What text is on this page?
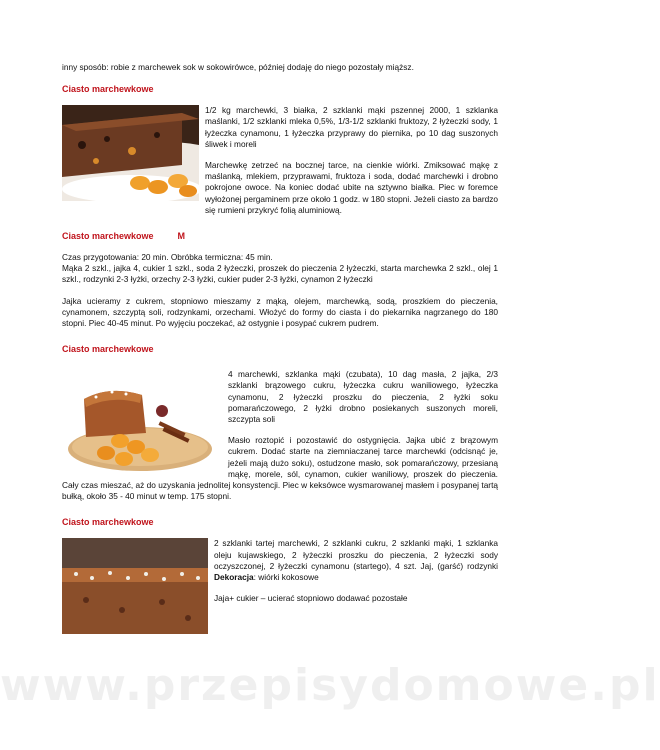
inny sposób: robie z marchewek sok w sokowirówce, później dodaję do niego pozostały miąższ.

Ciasto marchewkowe

1/2 kg marchewki, 3 białka, 2 szklanki mąki pszennej 2000, 1 szklanka maślanki, 1/2 szklanki mleka 0,5%, 1/3-1/2 szklanki fruktozy, 2 łyżeczki sody, 1 łyżeczka cynamonu, 1 łyżeczka przyprawy do piernika, po 10 dag suszonych śliwek i moreli

Marchewkę zetrzeć na bocznej tarce, na cienkie wiórki. Zmiksować mąkę z maślanką, mlekiem, przyprawami, fruktoza i soda, dodać marchewki i drobno pokrojone owoce. Na koniec dodać ubite na sztywno białka. Piec w foremce wyłożonej pergaminem prze około 1 godz. w 180 stopni. Jeżeli ciasto za bardzo się rumieni przykryć folią aluminiową.

Ciasto marchewkowe	M

Czas przygotowania: 20 min. Obróbka termiczna: 45 min.

Mąka 2 szkl., jajka 4, cukier 1 szkl., soda 2 łyżeczki, proszek do pieczenia 2 łyżeczki, starta marchewka 2 szkl., olej 1 szkl., rodzynki 2-3 łyżki, orzechy 2-3 łyżki, cukier puder 2-3 łyżki, cynamon 2 łyżeczki

Jajka ucieramy z cukrem, stopniowo mieszamy z mąką, olejem, marchewką, sodą, proszkiem do pieczenia, cynamonem, szczyptą soli, rodzynkami, orzechami. Włożyć do formy do ciasta i do piekarnika nagrzanego do 180 stopni. Piec 40-45 minut. Po wyjęciu poczekać, aż ostygnie i posypać cukrem pudrem.

Ciasto marchewkowe

4 marchewki, szklanka mąki (czubata), 10 dag masła, 2 jajka, 2/3 szklanki brązowego cukru, łyżeczka cukru waniliowego, łyżeczka cynamonu, 2 łyżeczki proszku do pieczenia, 2 łyżki soku pomarańczowego, 2 łyżki drobno posiekanych suszonych moreli, szczypta soli

Masło roztopić i pozostawić do ostygnięcia. Jajka ubić z brązowym cukrem. Dodać starte na ziemniaczanej tarce marchewki (odcisnąć je, jeżeli mają dużo soku), ostudzone masło, sok pomarańczowy, przesianą mąkę, morele, sól, cynamon, cukier waniliowy, proszek do pieczenia. Cały czas mieszać, aż do uzyskania jednolitej konsystencji. Piec w keksówce wysmarowanej masłem i posypanej tartą bułką, około 35 - 40 minut w temp. 175 stopni.

Ciasto marchewkowe

2 szklanki tartej marchewki, 2 szklanki cukru, 2 szklanki mąki, 1 szklanka oleju kujawskiego, 2 łyżeczki proszku do pieczenia, 2 łyżeczki sody oczyszczonej, 2 łyżeczki cynamonu (startego), 4 szt. Jaj, (garść) rodzynki Dekoracja: wiórki kokosowe

Jaja+ cukier – ucierać stopniowo dodawać pozostałe

www.przepisydomowe.pl
